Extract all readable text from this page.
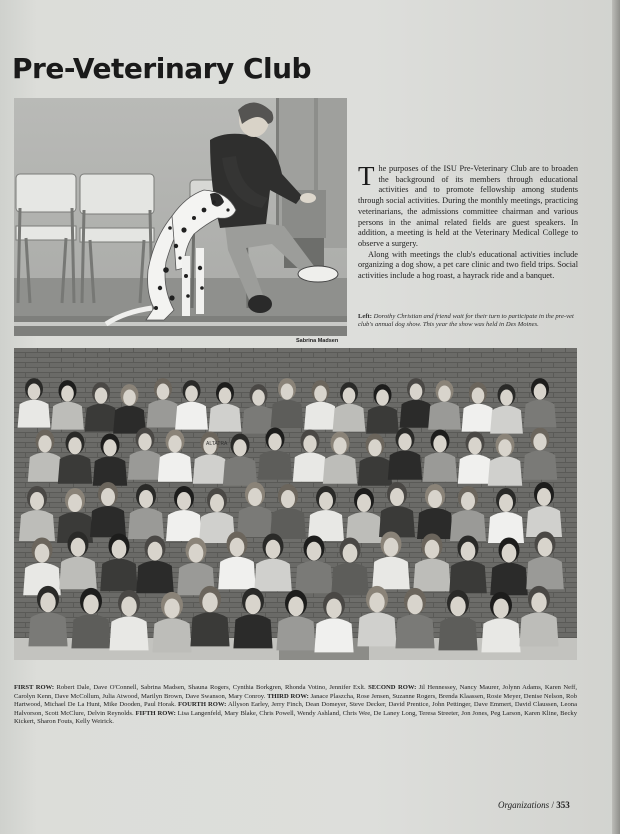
Pre-Veterinary Club
Sabrina Madsen

The purposes of the ISU Pre-Veterinary Club are to broaden the background of its members through educational activities and to promote fellowship among students through social activities. During the monthly meetings, practicing veterinarians, the admissions committee chairman and various persons in the animal related fields are guest speakers. In addition, a meeting is held at the Veterinary Medical College to observe a surgery.

Along with meetings the club's educational activities include organizing a dog show, a pet care clinic and two field trips. Social activities include a hog roast, a hayrack ride and a banquet.

Left: Dorothy Christian and friend wait for their turn to participate in the pre-vet club's annual dog show. This year the show was held in Des Moines.
ALTATRA
FIRST ROW: Robert Dale, Dave O'Connell, Sabrina Madsen, Shauna Rogers, Cynthia Borkgren, Rhonda Votino, Jennifer Exlt. SECOND ROW: Jil Hennessey, Nancy Maurer, Jolynn Adams, Karen Neff, Carolyn Kenn, Dave McCollum, Julia Atwood, Marilyn Brown, Dave Swanson, Mary Conroy. THIRD ROW: Janace Plaszcha, Rose Jensen, Suzanne Rogers, Brenda Klaassen, Rosie Meyer, Denise Nelson, Rob Hartwood, Michael De La Hunt, Mike Dooden, Paul Horak. FOURTH ROW: Allyson Earley, Jerry Finch, Dean Domeyer, Steve Decker, David Prentice, John Pettinger, Dave Emmert, David Claussen, Leona Halvorson, Scott McClure, Delvin Reynolds. FIFTH ROW: Lisa Langenfeld, Mary Blake, Chris Powell, Wendy Ashland, Chris Wee, De Laney Long, Teresa Streeter, Jon Jones, Peg Larson, Karen Kline, Becky Kickert, Sharon Fouts, Kelly Weirick.
Organizations / 353
